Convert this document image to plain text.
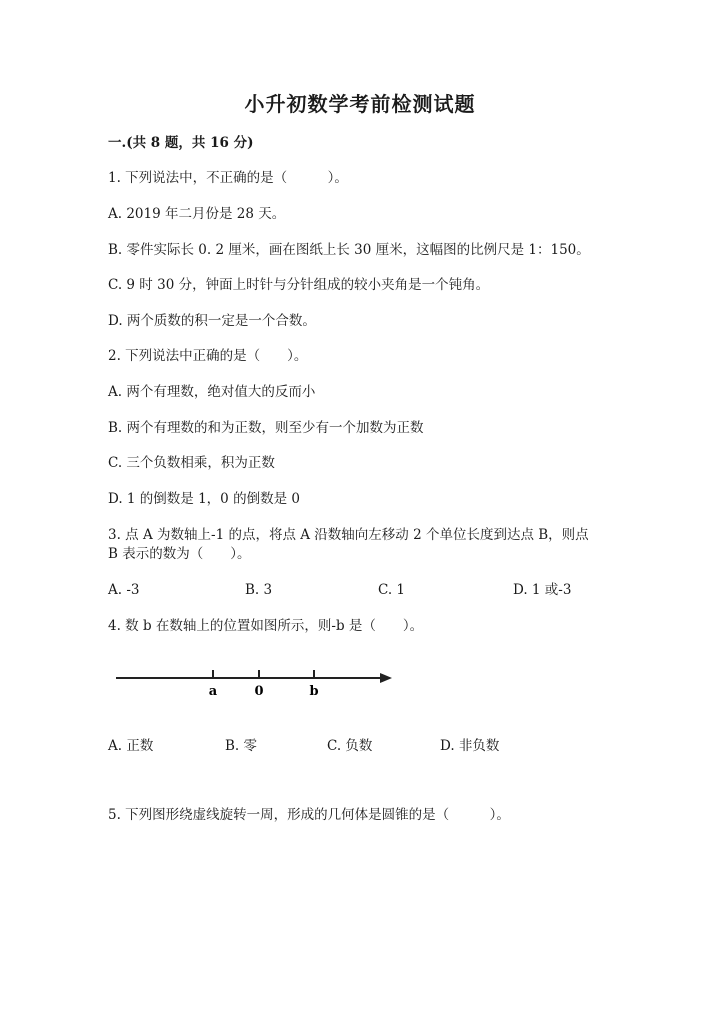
小升初数学考前检测试题
一.(共 8 题，共 16 分)
1. 下列说法中，不正确的是（　　　）。
A. 2019 年二月份是 28 天。
B. 零件实际长 0. 2 厘米，画在图纸上长 30 厘米，这幅图的比例尺是 1：150。
C. 9 时 30 分，钟面上时针与分针组成的较小夹角是一个钝角。
D. 两个质数的积一定是一个合数。
2. 下列说法中正确的是（　　）。
A. 两个有理数，绝对值大的反而小
B. 两个有理数的和为正数，则至少有一个加数为正数
C. 三个负数相乘，积为正数
D. 1 的倒数是 1，0 的倒数是 0
3. 点 A 为数轴上-1 的点，将点 A 沿数轴向左移动 2 个单位长度到达点 B，则点
B 表示的数为（　　）。
A. -3	B. 3	C. 1	D. 1 或-3
4. 数 b 在数轴上的位置如图所示，则-b 是（　　）。
a	0	b
A. 正数	B. 零	C. 负数	D. 非负数
5. 下列图形绕虚线旋转一周，形成的几何体是圆锥的是（　　　）。
